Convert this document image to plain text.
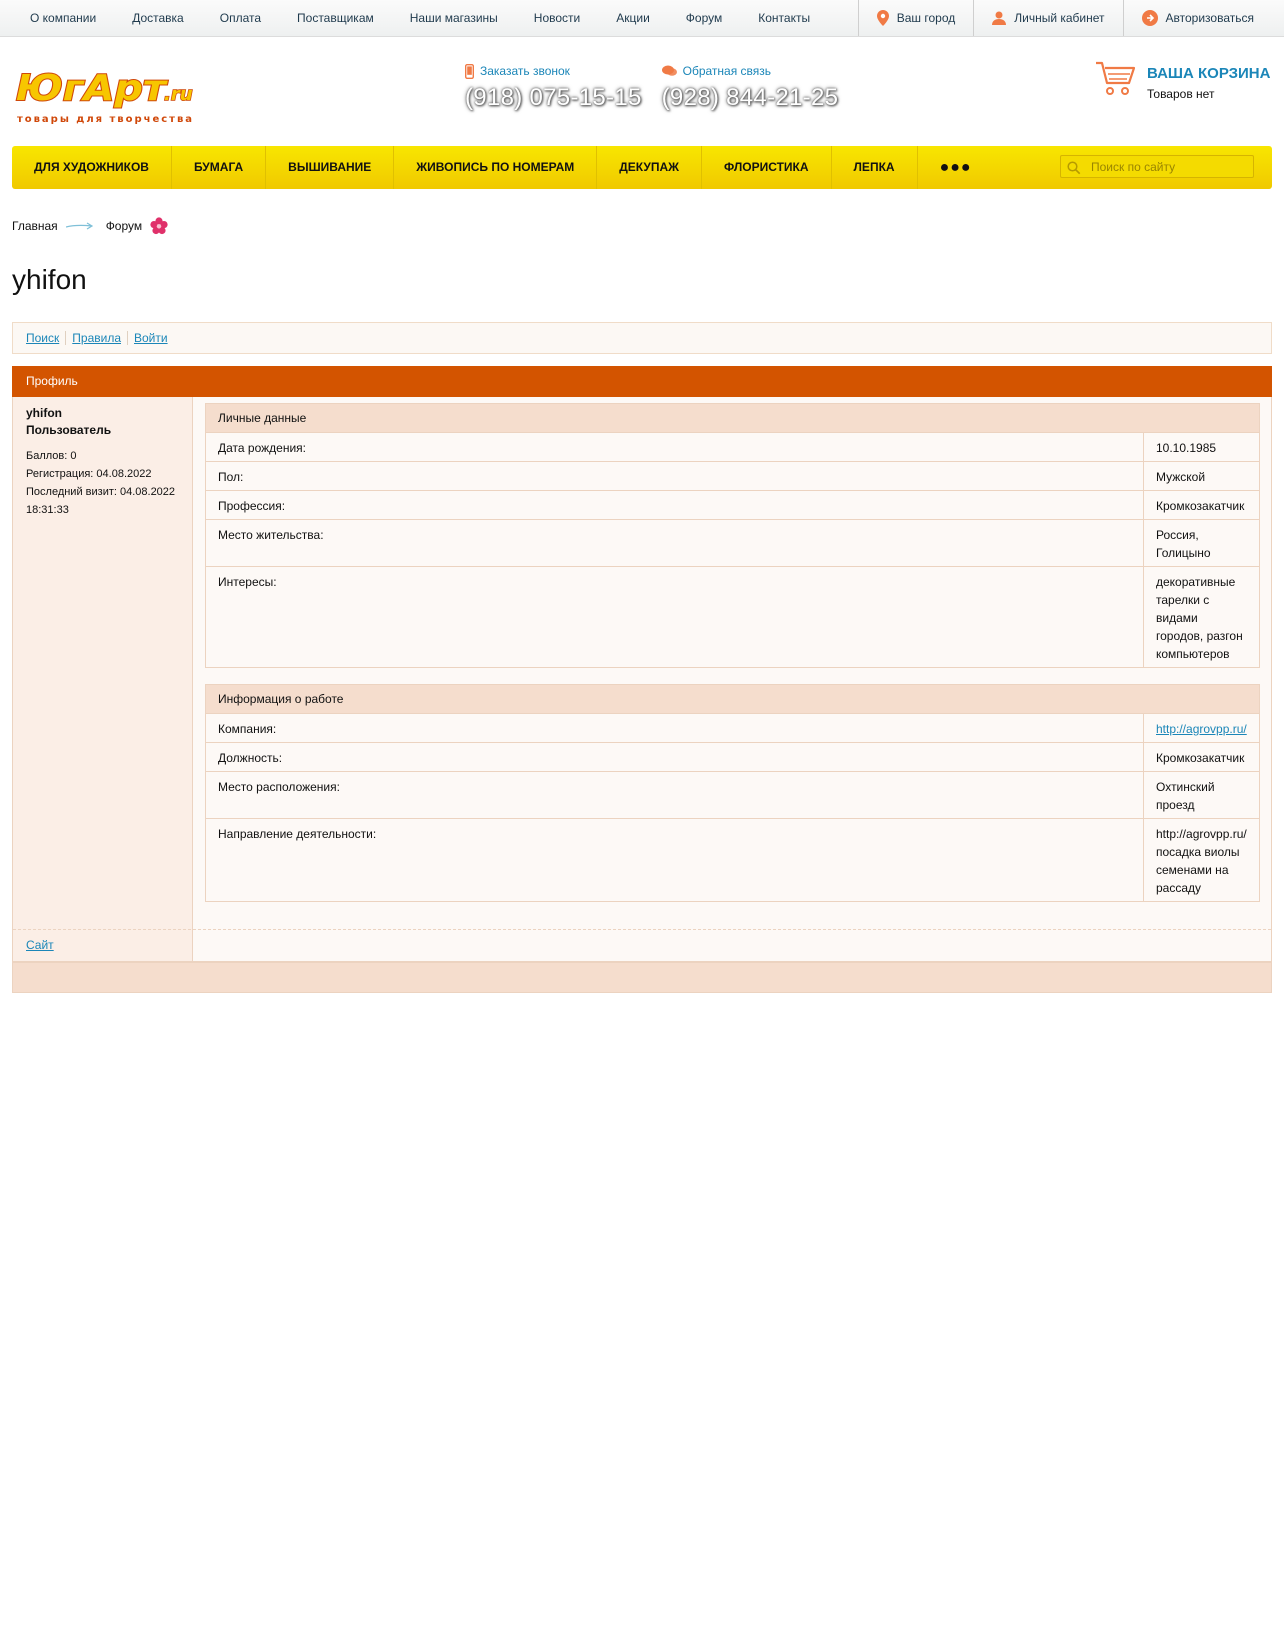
О компании	Доставка	Оплата	Поставщикам	Наши магазины	Новости	Акции	Форум	Контакты	Ваш город	Личный кабинет	Авторизоваться
ЮгАрт
.ru
товары для творчества
Заказать звонок
(918) 075-15-15
Обратная связь
(928) 844-21-25
ВАША КОРЗИНА
Товаров нет
ДЛЯ ХУДОЖНИКОВ	БУМАГА	ВЫШИВАНИЕ	ЖИВОПИСЬ ПО НОМЕРАМ	ДЕКУПАЖ	ФЛОРИСТИКА	ЛЕПКА	●●●
Поиск по сайту
Главная	Форум
yhifon
Поиск Правила Войти
Профиль
yhifon
Пользователь
Баллов: 0
Регистрация: 04.08.2022
Последний визит: 04.08.2022 18:31:33
Сайт
Личные данные	
Дата рождения:	10.10.1985
Пол:	Мужской
Профессия:	Кромкозакатчик
Место жительства:	Россия, Голицыно
Интересы:	декоративные тарелки с видами городов, разгон компьютеров
Информация о работе	
Компания:	http://agrovpp.ru/
Должность:	Кромкозакатчик
Место расположения:	Охтинский проезд
Направление деятельности:	http://agrovpp.ru/ посадка виолы семенами на рассаду
